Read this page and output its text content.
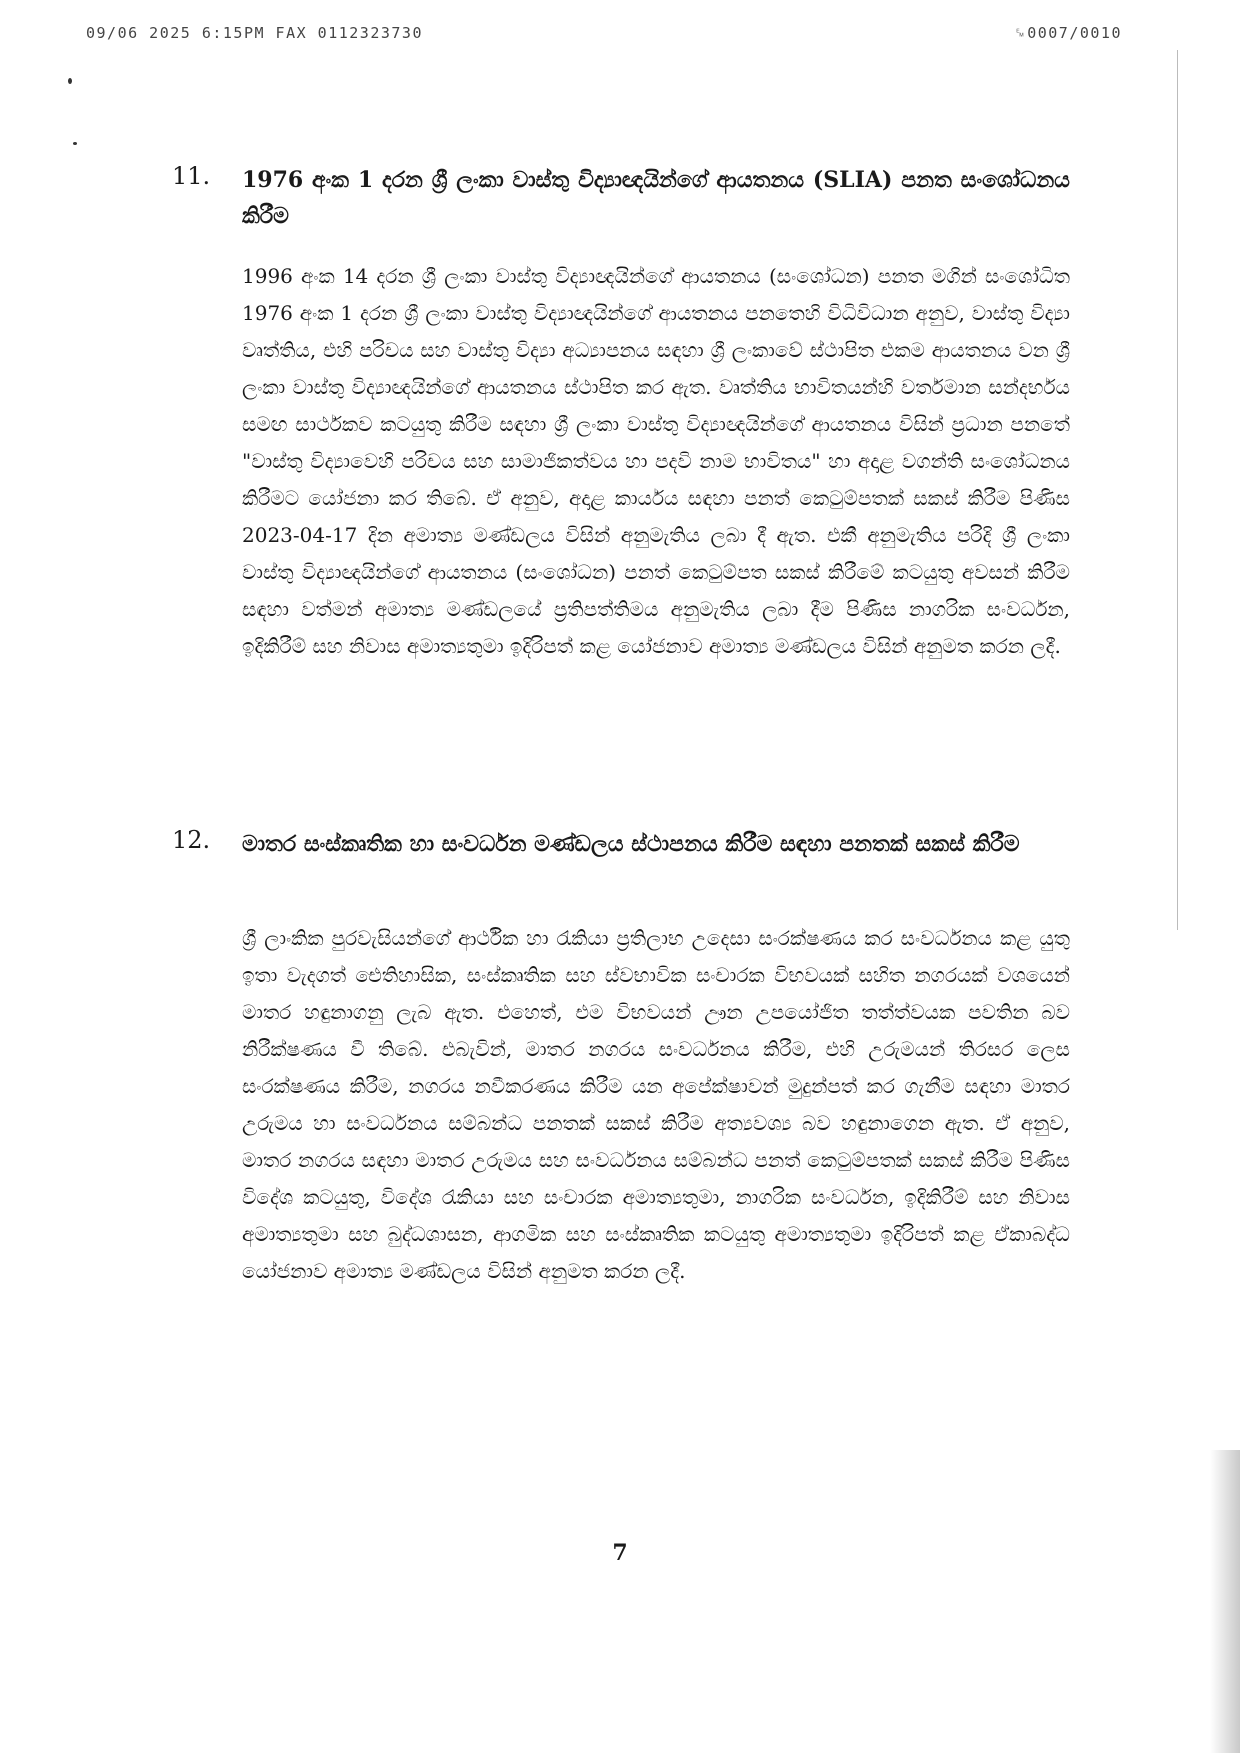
09/06 2025 6:15PM FAX 0112323730	␙0007/0010
11. 1976 අංක 1 දරන ශ්‍රී ලංකා වාස්තු විද්‍යාඥයින්ගේ ආයතනය (SLIA) පනත සංශෝධනය කිරීම
1996 අංක 14 දරන ශ්‍රී ලංකා වාස්තු විද්‍යාඥයින්ගේ ආයතනය (සංශෝධන) පනත මගින් සංශෝධිත 1976 අංක 1 දරන ශ්‍රී ලංකා වාස්තු විද්‍යාඥයින්ගේ ආයතනය පනතෙහි විධිවිධාන අනුව, වාස්තු විද්‍යා වෘත්තිය, එහි පරිචය සහ වාස්තු විද්‍යා අධ්‍යාපනය සඳහා ශ්‍රී ලංකාවේ ස්ථාපිත එකම ආයතනය වන ශ්‍රී ලංකා වාස්තු විද්‍යාඥයින්ගේ ආයතනය ස්ථාපිත කර ඇත. වෘත්තිය භාවිතයන්හි වර්තමාන සන්දර්භය සමඟ සාර්ථකව කටයුතු කිරීම සඳහා ශ්‍රී ලංකා වාස්තු විද්‍යාඥයින්ගේ ආයතනය විසින් ප්‍රධාන පනතේ "වාස්තු විද්‍යාවෙහි පරිචය සහ සාමාජිකත්වය හා පදවි නාම භාවිතය" හා අදාළ වගන්ති සංශෝධනය කිරීමට යෝජනා කර තිබේ. ඒ අනුව, අදාළ කාර්යය සඳහා පනත් කෙටුම්පතක් සකස් කිරීම පිණිස 2023-04-17 දින අමාත්‍ය මණ්ඩලය විසින් අනුමැතිය ලබා දී ඇත. එකී අනුමැතිය පරිදි ශ්‍රී ලංකා වාස්තු විද්‍යාඥයින්ගේ ආයතනය (සංශෝධන) පනත් කෙටුම්පත සකස් කිරීමේ කටයුතු අවසන් කිරීම සඳහා වත්මන් අමාත්‍ය මණ්ඩලයේ ප්‍රතිපත්තිමය අනුමැතිය ලබා දීම පිණිස නාගරික සංවර්ධන, ඉදිකිරීම් සහ නිවාස අමාත්‍යතුමා ඉදිරිපත් කළ යෝජනාව අමාත්‍ය මණ්ඩලය විසින් අනුමත කරන ලදී.
12. මාතර සංස්කෘතික හා සංවර්ධන මණ්ඩලය ස්ථාපනය කිරීම සඳහා පනතක් සකස් කිරීම
ශ්‍රී ලාංකික පුරවැසියන්ගේ ආර්ථික හා රැකියා ප්‍රතිලාභ උදෙසා සංරක්ෂණය කර සංවර්ධනය කළ යුතු ඉතා වැදගත් ඓතිහාසික, සංස්කෘතික සහ ස්වභාවික සංචාරක විභවයක් සහිත නගරයක් වශයෙන් මාතර හඳුනාගනු ලැබ ඇත. එහෙත්, එම විභවයන් ඌන උපයෝජිත තත්ත්වයක පවතින බව නිරීක්ෂණය වී තිබේ. එබැවින්, මාතර නගරය සංවර්ධනය කිරීම, එහි උරුමයන් තිරසර ලෙස සංරක්ෂණය කිරීම, නගරය නවීකරණය කිරීම යන අපේක්ෂාවන් මුදුන්පත් කර ගැනීම සඳහා මාතර උරුමය හා සංවර්ධනය සම්බන්ධ පනතක් සකස් කිරීම අත්‍යවශ්‍ය බව හඳුනාගෙන ඇත. ඒ අනුව, මාතර නගරය සඳහා මාතර උරුමය සහ සංවර්ධනය සම්බන්ධ පනත් කෙටුම්පතක් සකස් කිරීම පිණිස විදේශ කටයුතු, විදේශ රැකියා සහ සංචාරක අමාත්‍යතුමා, නාගරික සංවර්ධන, ඉදිකිරීම් සහ නිවාස අමාත්‍යතුමා සහ බුද්ධශාසන, ආගමික සහ සංස්කෘතික කටයුතු අමාත්‍යතුමා ඉදිරිපත් කළ ඒකාබද්ධ යෝජනාව අමාත්‍ය මණ්ඩලය විසින් අනුමත කරන ලදී.
7
